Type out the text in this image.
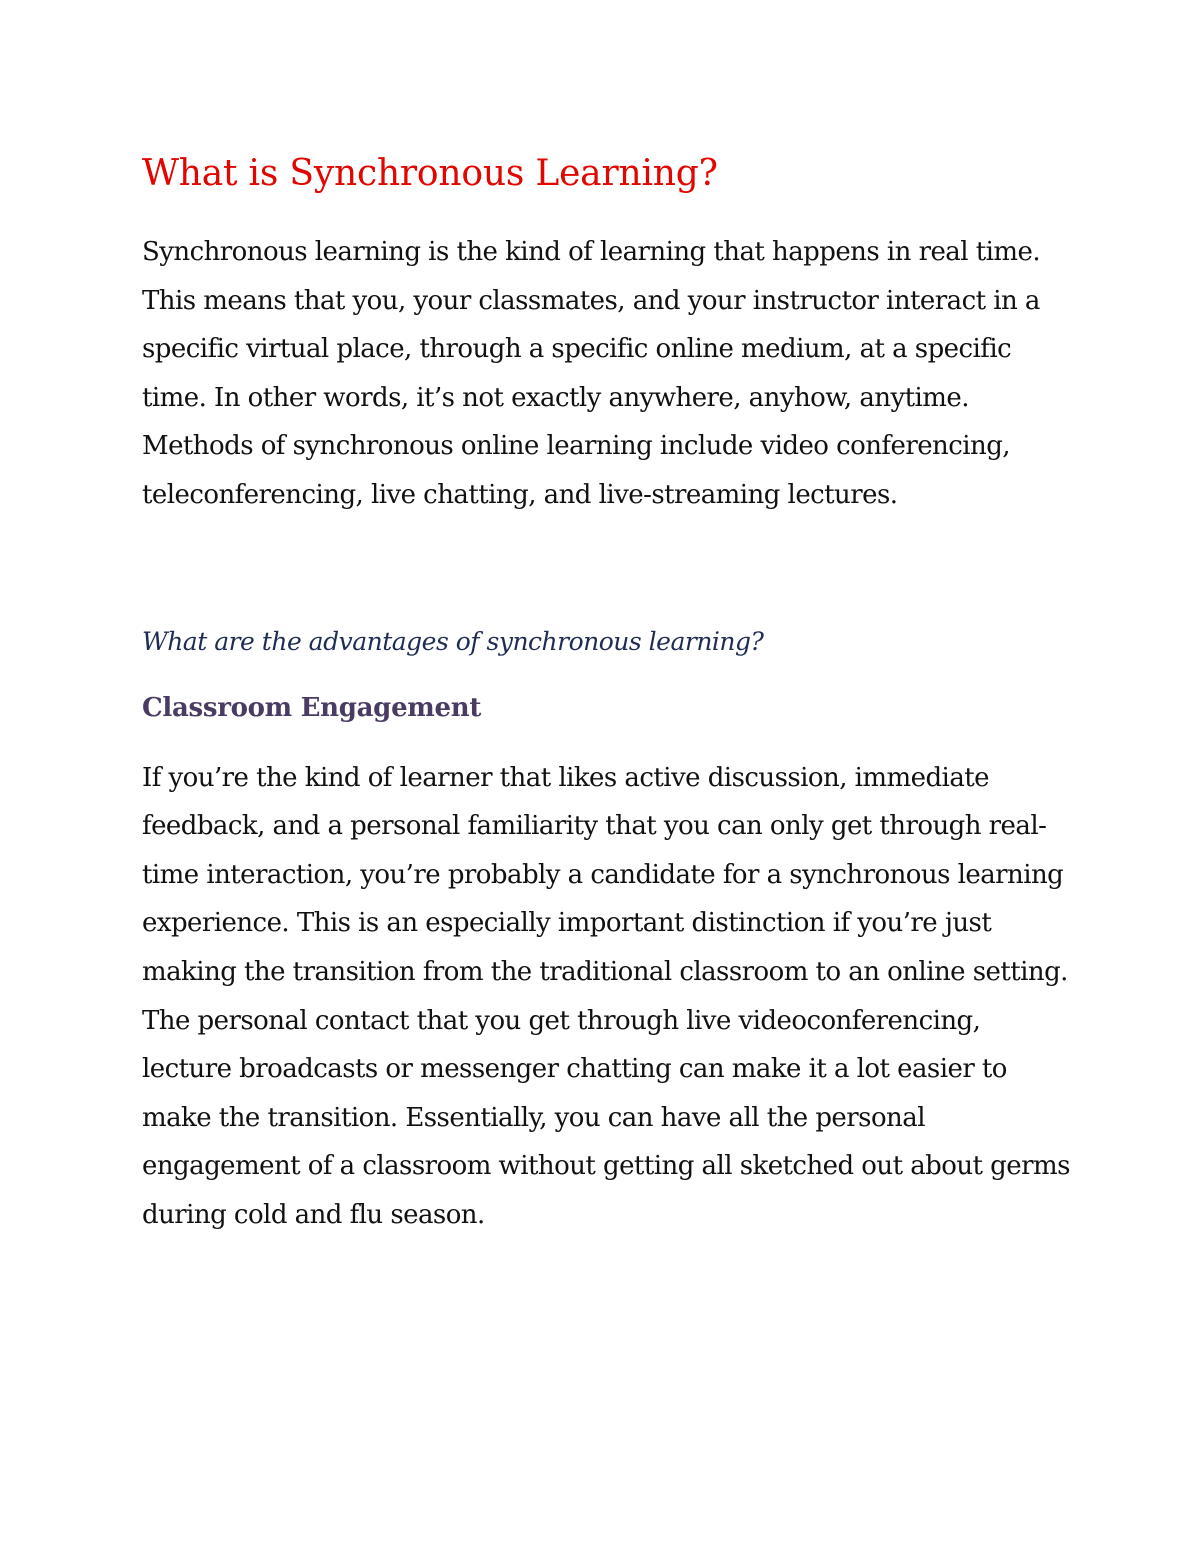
What is Synchronous Learning?

Synchronous learning is the kind of learning that happens in real time. This means that you, your classmates, and your instructor interact in a specific virtual place, through a specific online medium, at a specific time. In other words, it’s not exactly anywhere, anyhow, anytime. Methods of synchronous online learning include video conferencing, teleconferencing, live chatting, and live-streaming lectures.

What are the advantages of synchronous learning?
Classroom Engagement

If you’re the kind of learner that likes active discussion, immediate feedback, and a personal familiarity that you can only get through real-time interaction, you’re probably a candidate for a synchronous learning experience. This is an especially important distinction if you’re just making the transition from the traditional classroom to an online setting. The personal contact that you get through live videoconferencing, lecture broadcasts or messenger chatting can make it a lot easier to make the transition. Essentially, you can have all the personal engagement of a classroom without getting all sketched out about germs during cold and flu season.
